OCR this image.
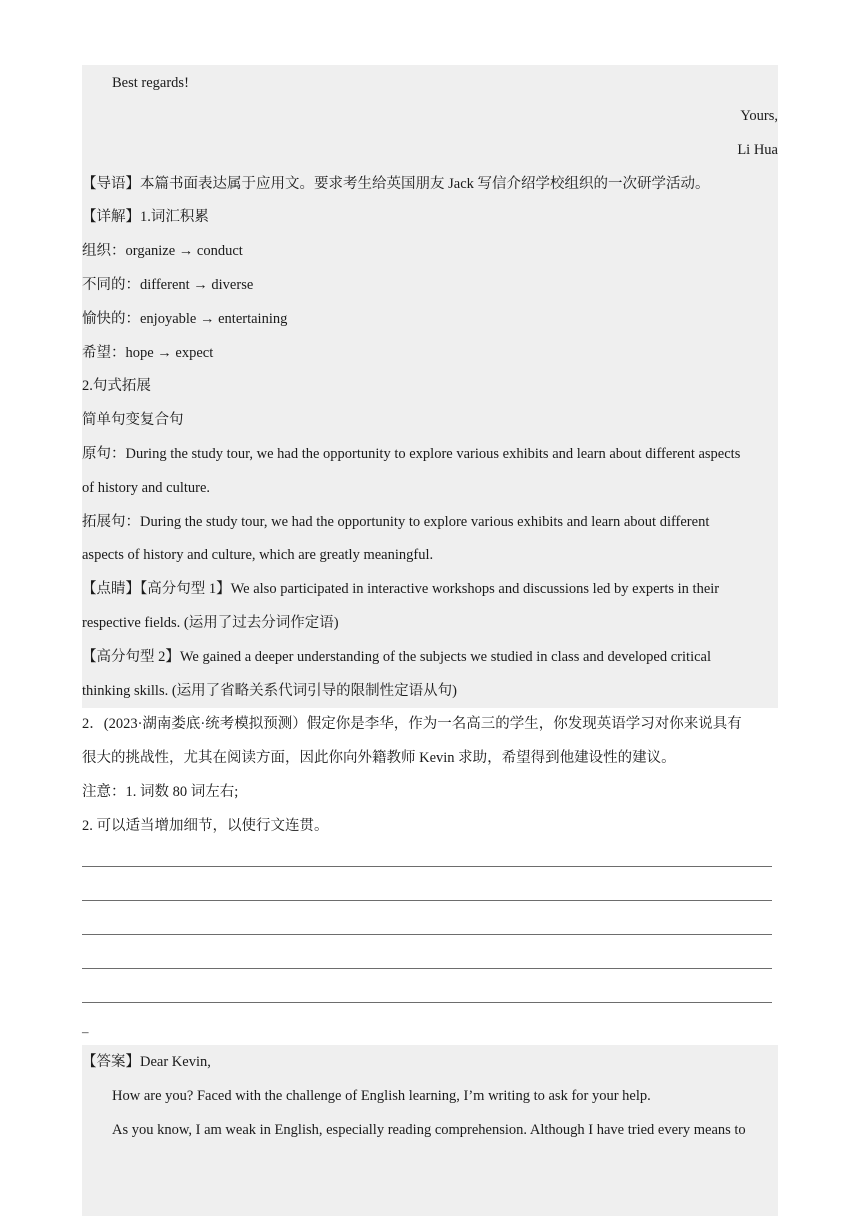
Best regards!
Yours,
Li Hua
【导语】本篇书面表达属于应用文。要求考生给英国朋友 Jack 写信介绍学校组织的一次研学活动。
【详解】1.词汇积累
组织：organize → conduct
不同的：different → diverse
愉快的：enjoyable → entertaining
希望：hope → expect
2.句式拓展
简单句变复合句
原句：During the study tour, we had the opportunity to explore various exhibits and learn about different aspects
of history and culture.
拓展句：During the study tour, we had the opportunity to explore various exhibits and learn about different
aspects of history and culture, which are greatly meaningful.
【点睛】【高分句型 1】We also participated in interactive workshops and discussions led by experts in their
respective fields. (运用了过去分词作定语)
【高分句型 2】We gained a deeper understanding of the subjects we studied in class and developed critical
thinking skills. (运用了省略关系代词引导的限制性定语从句)
2．(2023·湖南娄底·统考模拟预测）假定你是李华，作为一名高三的学生，你发现英语学习对你来说具有
很大的挑战性，尤其在阅读方面，因此你向外籍教师 Kevin 求助，希望得到他建设性的建议。
注意：1. 词数 80 词左右;
2. 可以适当增加细节，以使行文连贯。
–
【答案】Dear Kevin,
How are you? Faced with the challenge of English learning, I’m writing to ask for your help.
As you know, I am weak in English, especially reading comprehension. Although I have tried every means to
